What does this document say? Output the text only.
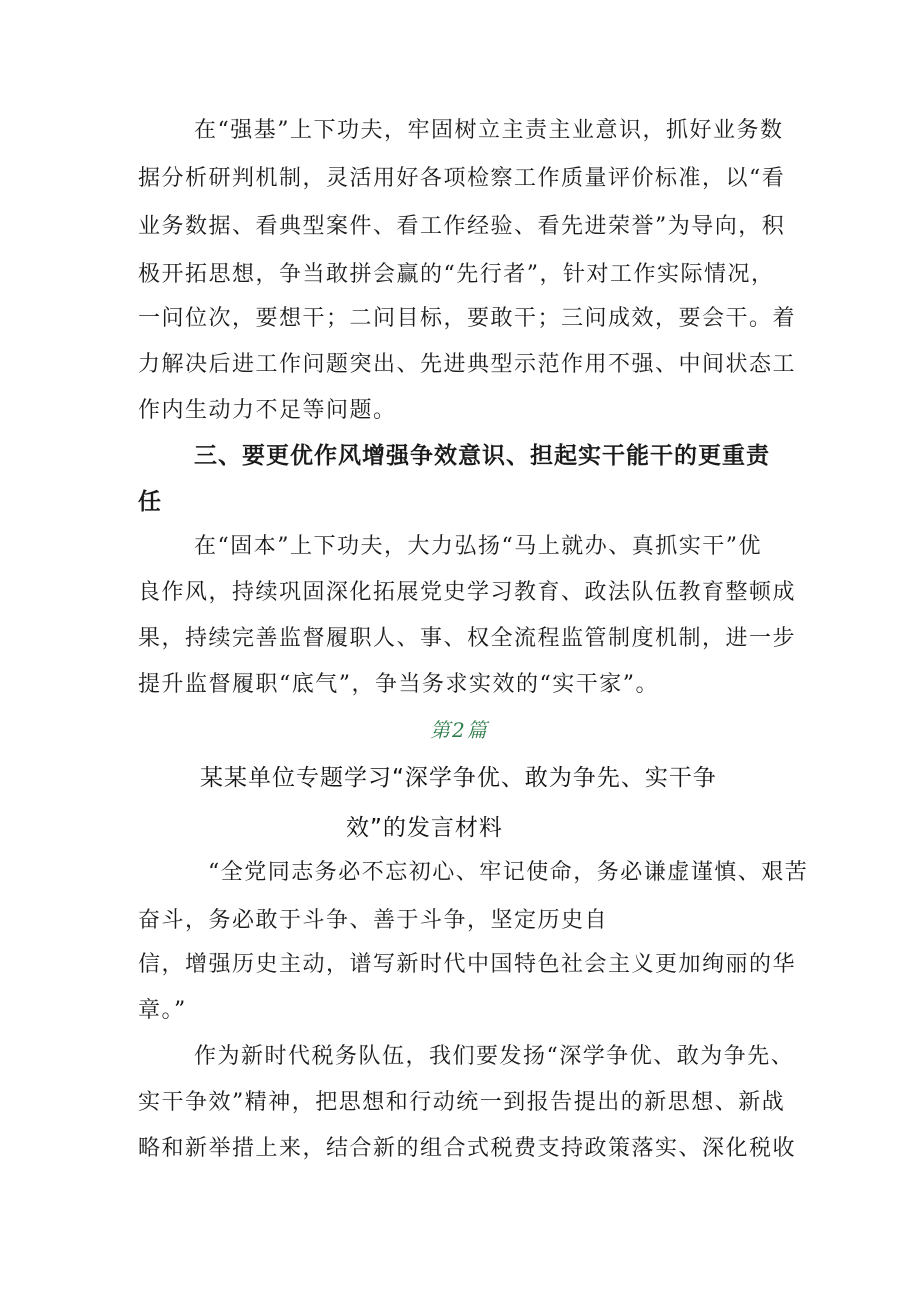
在“强基”上下功夫，牢固树立主责主业意识，抓好业务数
据分析研判机制，灵活用好各项检察工作质量评价标准，以“看
业务数据、看典型案件、看工作经验、看先进荣誉”为导向，积
极开拓思想，争当敢拼会赢的“先行者”，针对工作实际情况，
一问位次，要想干；二问目标，要敢干；三问成效，要会干。着
力解决后进工作问题突出、先进典型示范作用不强、中间状态工
作内生动力不足等问题。
三、要更优作风增强争效意识、担起实干能干的更重责
任
在“固本”上下功夫，大力弘扬“马上就办、真抓实干”优
良作风，持续巩固深化拓展党史学习教育、政法队伍教育整顿成
果，持续完善监督履职人、事、权全流程监管制度机制，进一步
提升监督履职“底气”，争当务求实效的“实干家”。
第2篇
某某单位专题学习“深学争优、敢为争先、实干争
效”的发言材料
“全党同志务必不忘初心、牢记使命，务必谦虚谨慎、艰苦
奋斗，务必敢于斗争、善于斗争，坚定历史自
信，增强历史主动，谱写新时代中国特色社会主义更加绚丽的华
章。”
作为新时代税务队伍，我们要发扬“深学争优、敢为争先、
实干争效”精神，把思想和行动统一到报告提出的新思想、新战
略和新举措上来，结合新的组合式税费支持政策落实、深化税收
